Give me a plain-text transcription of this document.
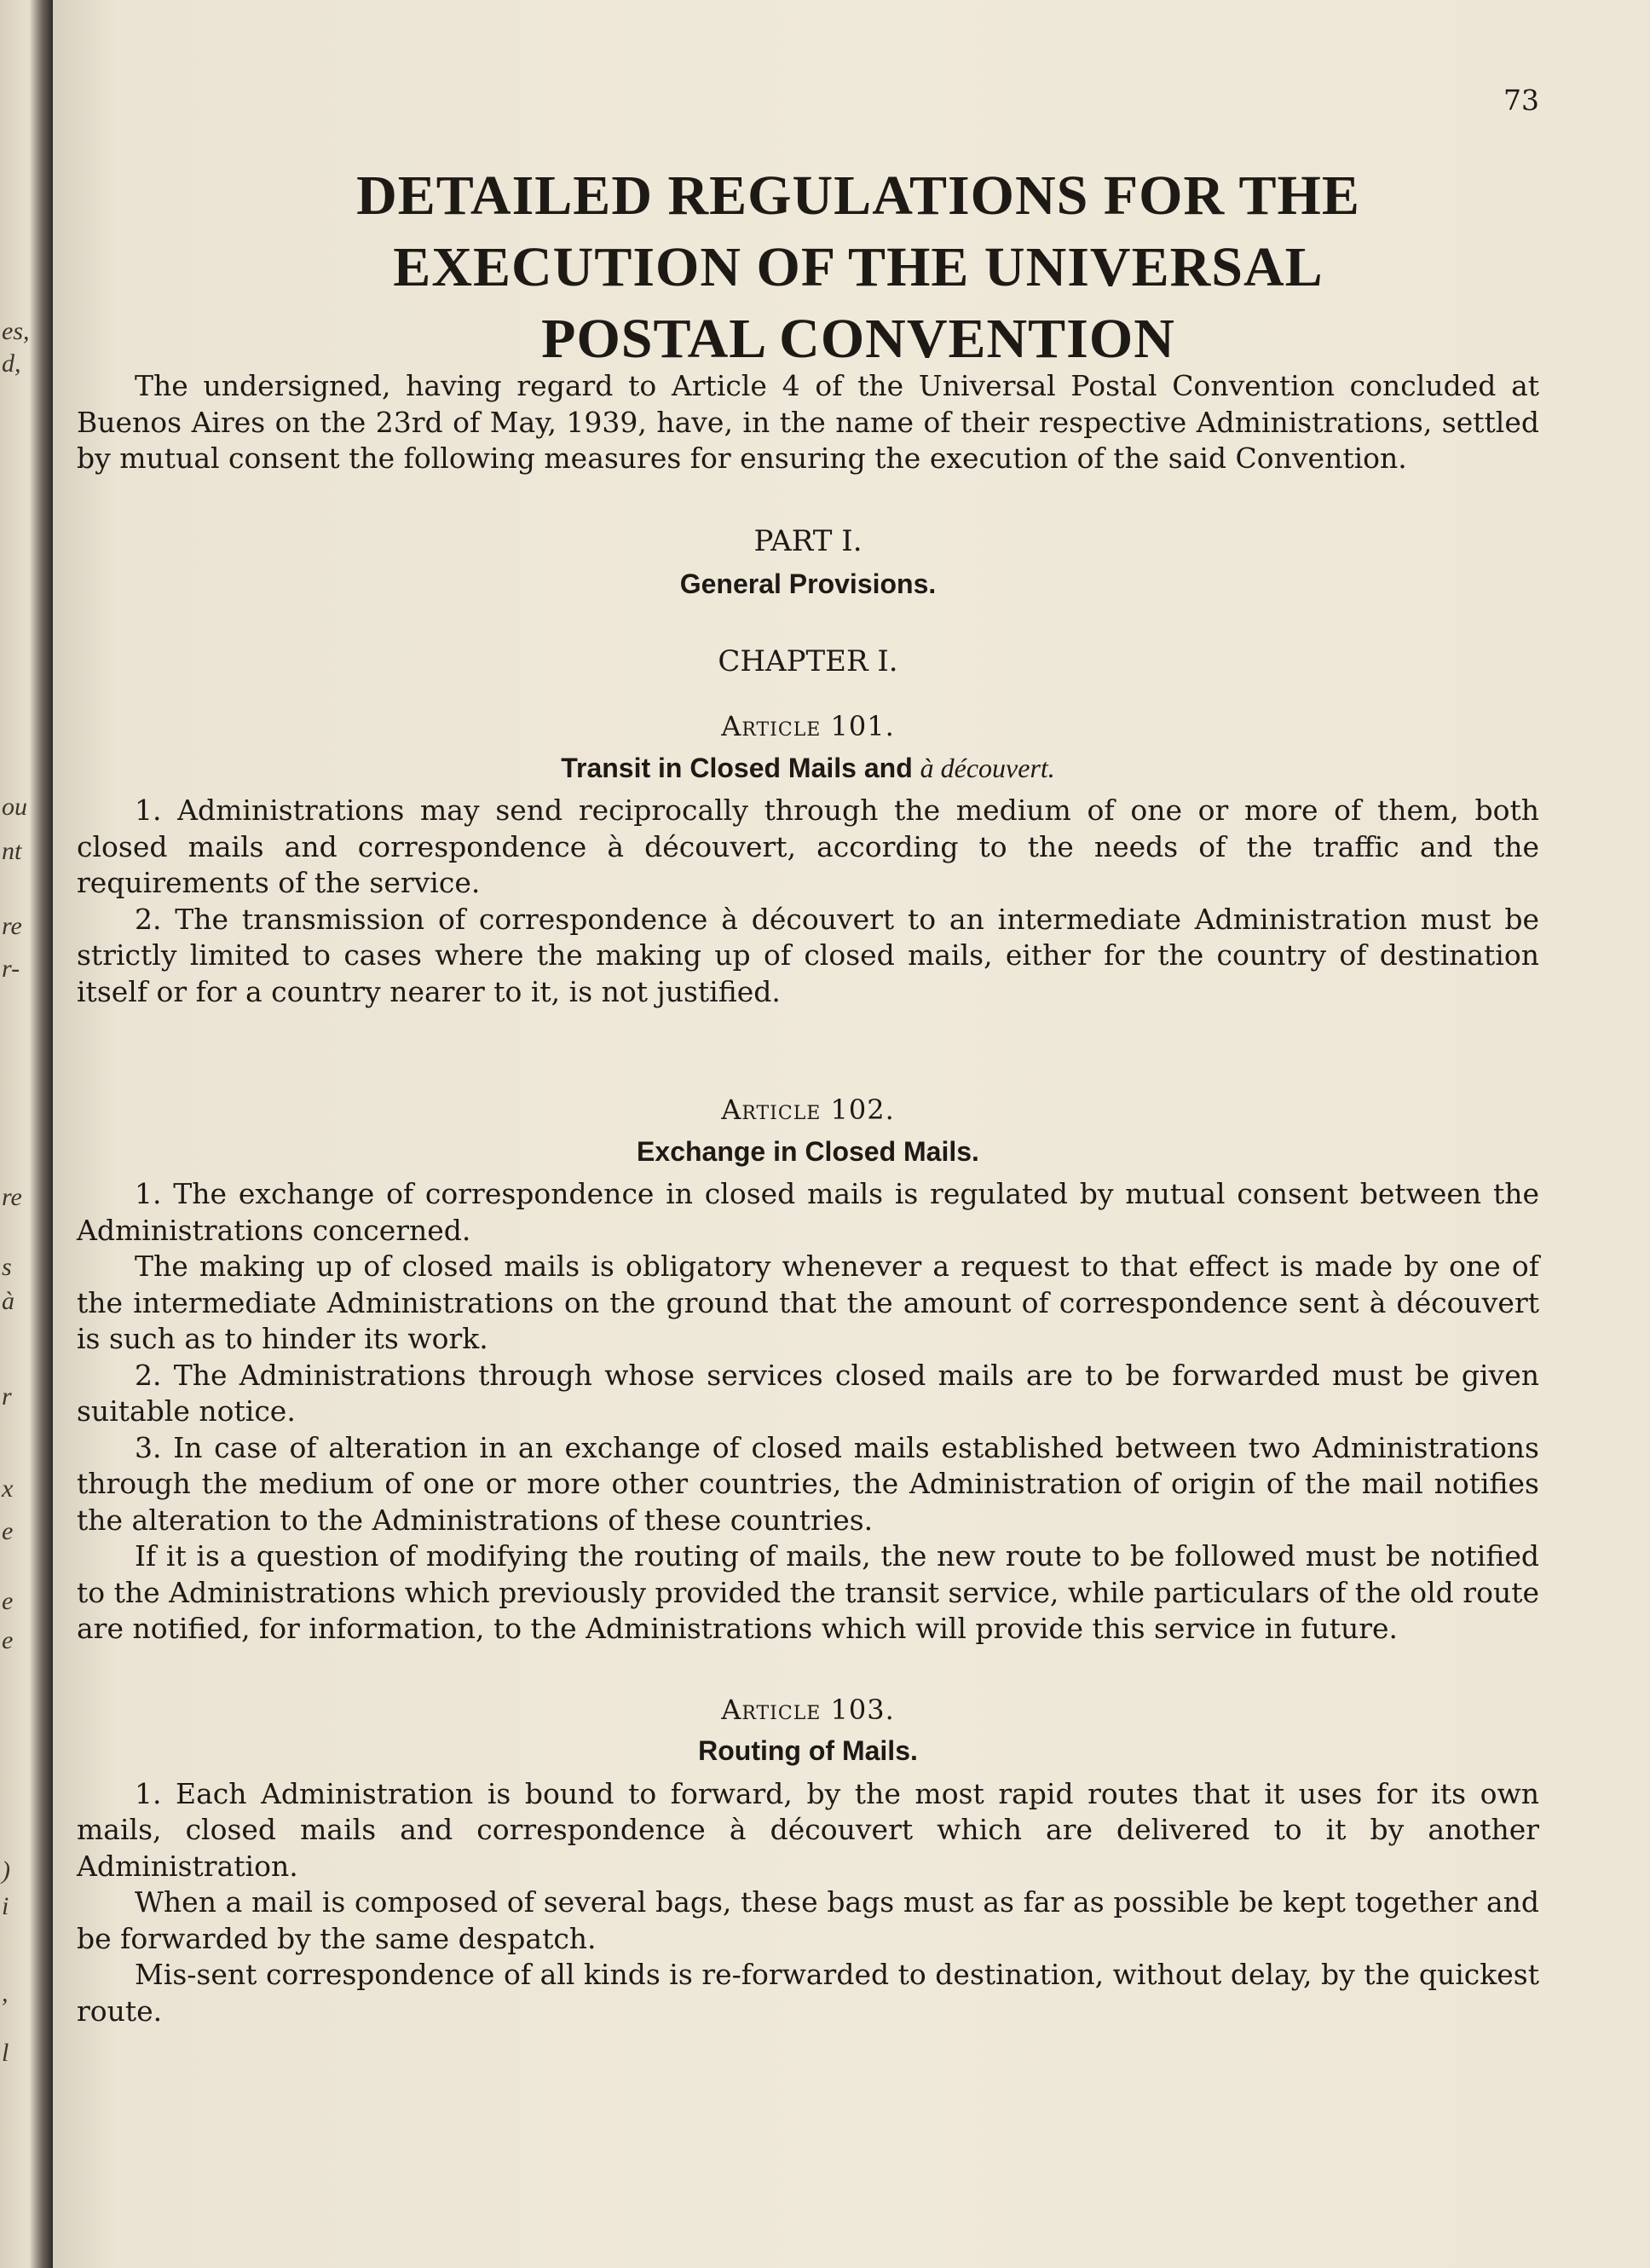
es,
d,
ou
nt
re
r-
re
s
à
r
x
e
e
e
)
i
,
l
73
DETAILED REGULATIONS FOR THE
EXECUTION OF THE UNIVERSAL
POSTAL CONVENTION

The undersigned, having regard to Article 4 of the Universal Postal Convention concluded at Buenos Aires on the 23rd of May, 1939, have, in the name of their respective Administrations, settled by mutual consent the following measures for ensuring the execution of the said Convention.

PART I.

General Provisions.

CHAPTER I.

Article 101.

Transit in Closed Mails and à découvert.

1. Administrations may send reciprocally through the medium of one or more of them, both closed mails and correspondence à découvert, according to the needs of the traffic and the requirements of the service.

2. The transmission of correspondence à découvert to an intermediate Administration must be strictly limited to cases where the making up of closed mails, either for the country of destination itself or for a country nearer to it, is not justified.

Article 102.

Exchange in Closed Mails.

1. The exchange of correspondence in closed mails is regulated by mutual consent between the Administrations concerned.

The making up of closed mails is obligatory whenever a request to that effect is made by one of the intermediate Administrations on the ground that the amount of correspondence sent à découvert is such as to hinder its work.

2. The Administrations through whose services closed mails are to be forwarded must be given suitable notice.

3. In case of alteration in an exchange of closed mails established between two Administrations through the medium of one or more other countries, the Administration of origin of the mail notifies the alteration to the Administrations of these countries.

If it is a question of modifying the routing of mails, the new route to be followed must be notified to the Administrations which previously provided the transit service, while particulars of the old route are notified, for information, to the Administrations which will provide this service in future.

Article 103.

Routing of Mails.

1. Each Administration is bound to forward, by the most rapid routes that it uses for its own mails, closed mails and correspondence à découvert which are delivered to it by another Administration.

When a mail is composed of several bags, these bags must as far as possible be kept together and be forwarded by the same despatch.

Mis-sent correspondence of all kinds is re-forwarded to destination, without delay, by the quickest route.
